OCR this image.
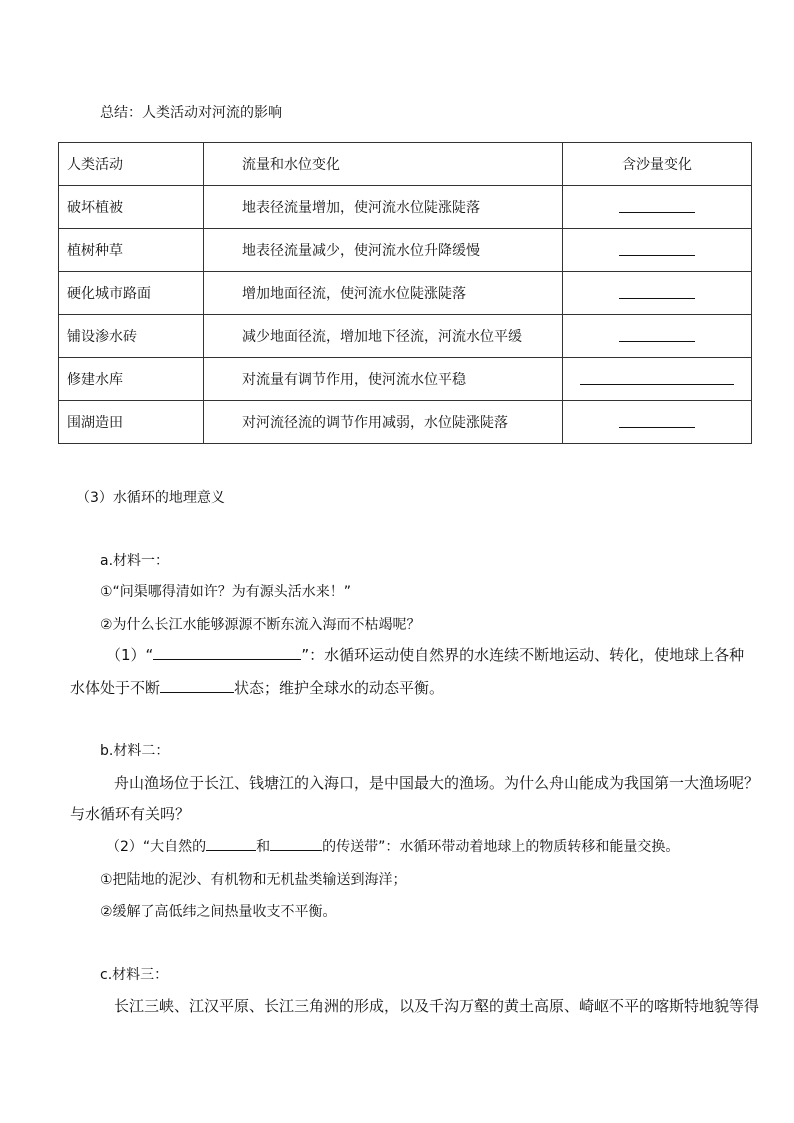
总结：人类活动对河流的影响
人类活动	流量和水位变化	含沙量变化
破坏植被	地表径流量增加，使河流水位陡涨陡落	
植树种草	地表径流量减少，使河流水位升降缓慢	
硬化城市路面	增加地面径流，使河流水位陡涨陡落	
铺设渗水砖	减少地面径流，增加地下径流，河流水位平缓	
修建水库	对流量有调节作用，使河流水位平稳	
围湖造田	对河流径流的调节作用减弱，水位陡涨陡落	
（3）水循环的地理意义
a.材料一：
①“问渠哪得清如许？为有源头活水来！”
②为什么长江水能够源源不断东流入海而不枯竭呢？
（1）“	”：水循环运动使自然界的水连续不断地运动、转化，使地球上各种
水体处于不断	状态；维护全球水的动态平衡。
b.材料二：
舟山渔场位于长江、钱塘江的入海口，是中国最大的渔场。为什么舟山能成为我国第一大渔场呢？
与水循环有关吗？
（2）“大自然的	和	的传送带”：水循环带动着地球上的物质转移和能量交换。
①把陆地的泥沙、有机物和无机盐类输送到海洋；
②缓解了高低纬之间热量收支不平衡。
c.材料三：
长江三峡、江汉平原、长江三角洲的形成，以及千沟万壑的黄土高原、崎岖不平的喀斯特地貌等得
